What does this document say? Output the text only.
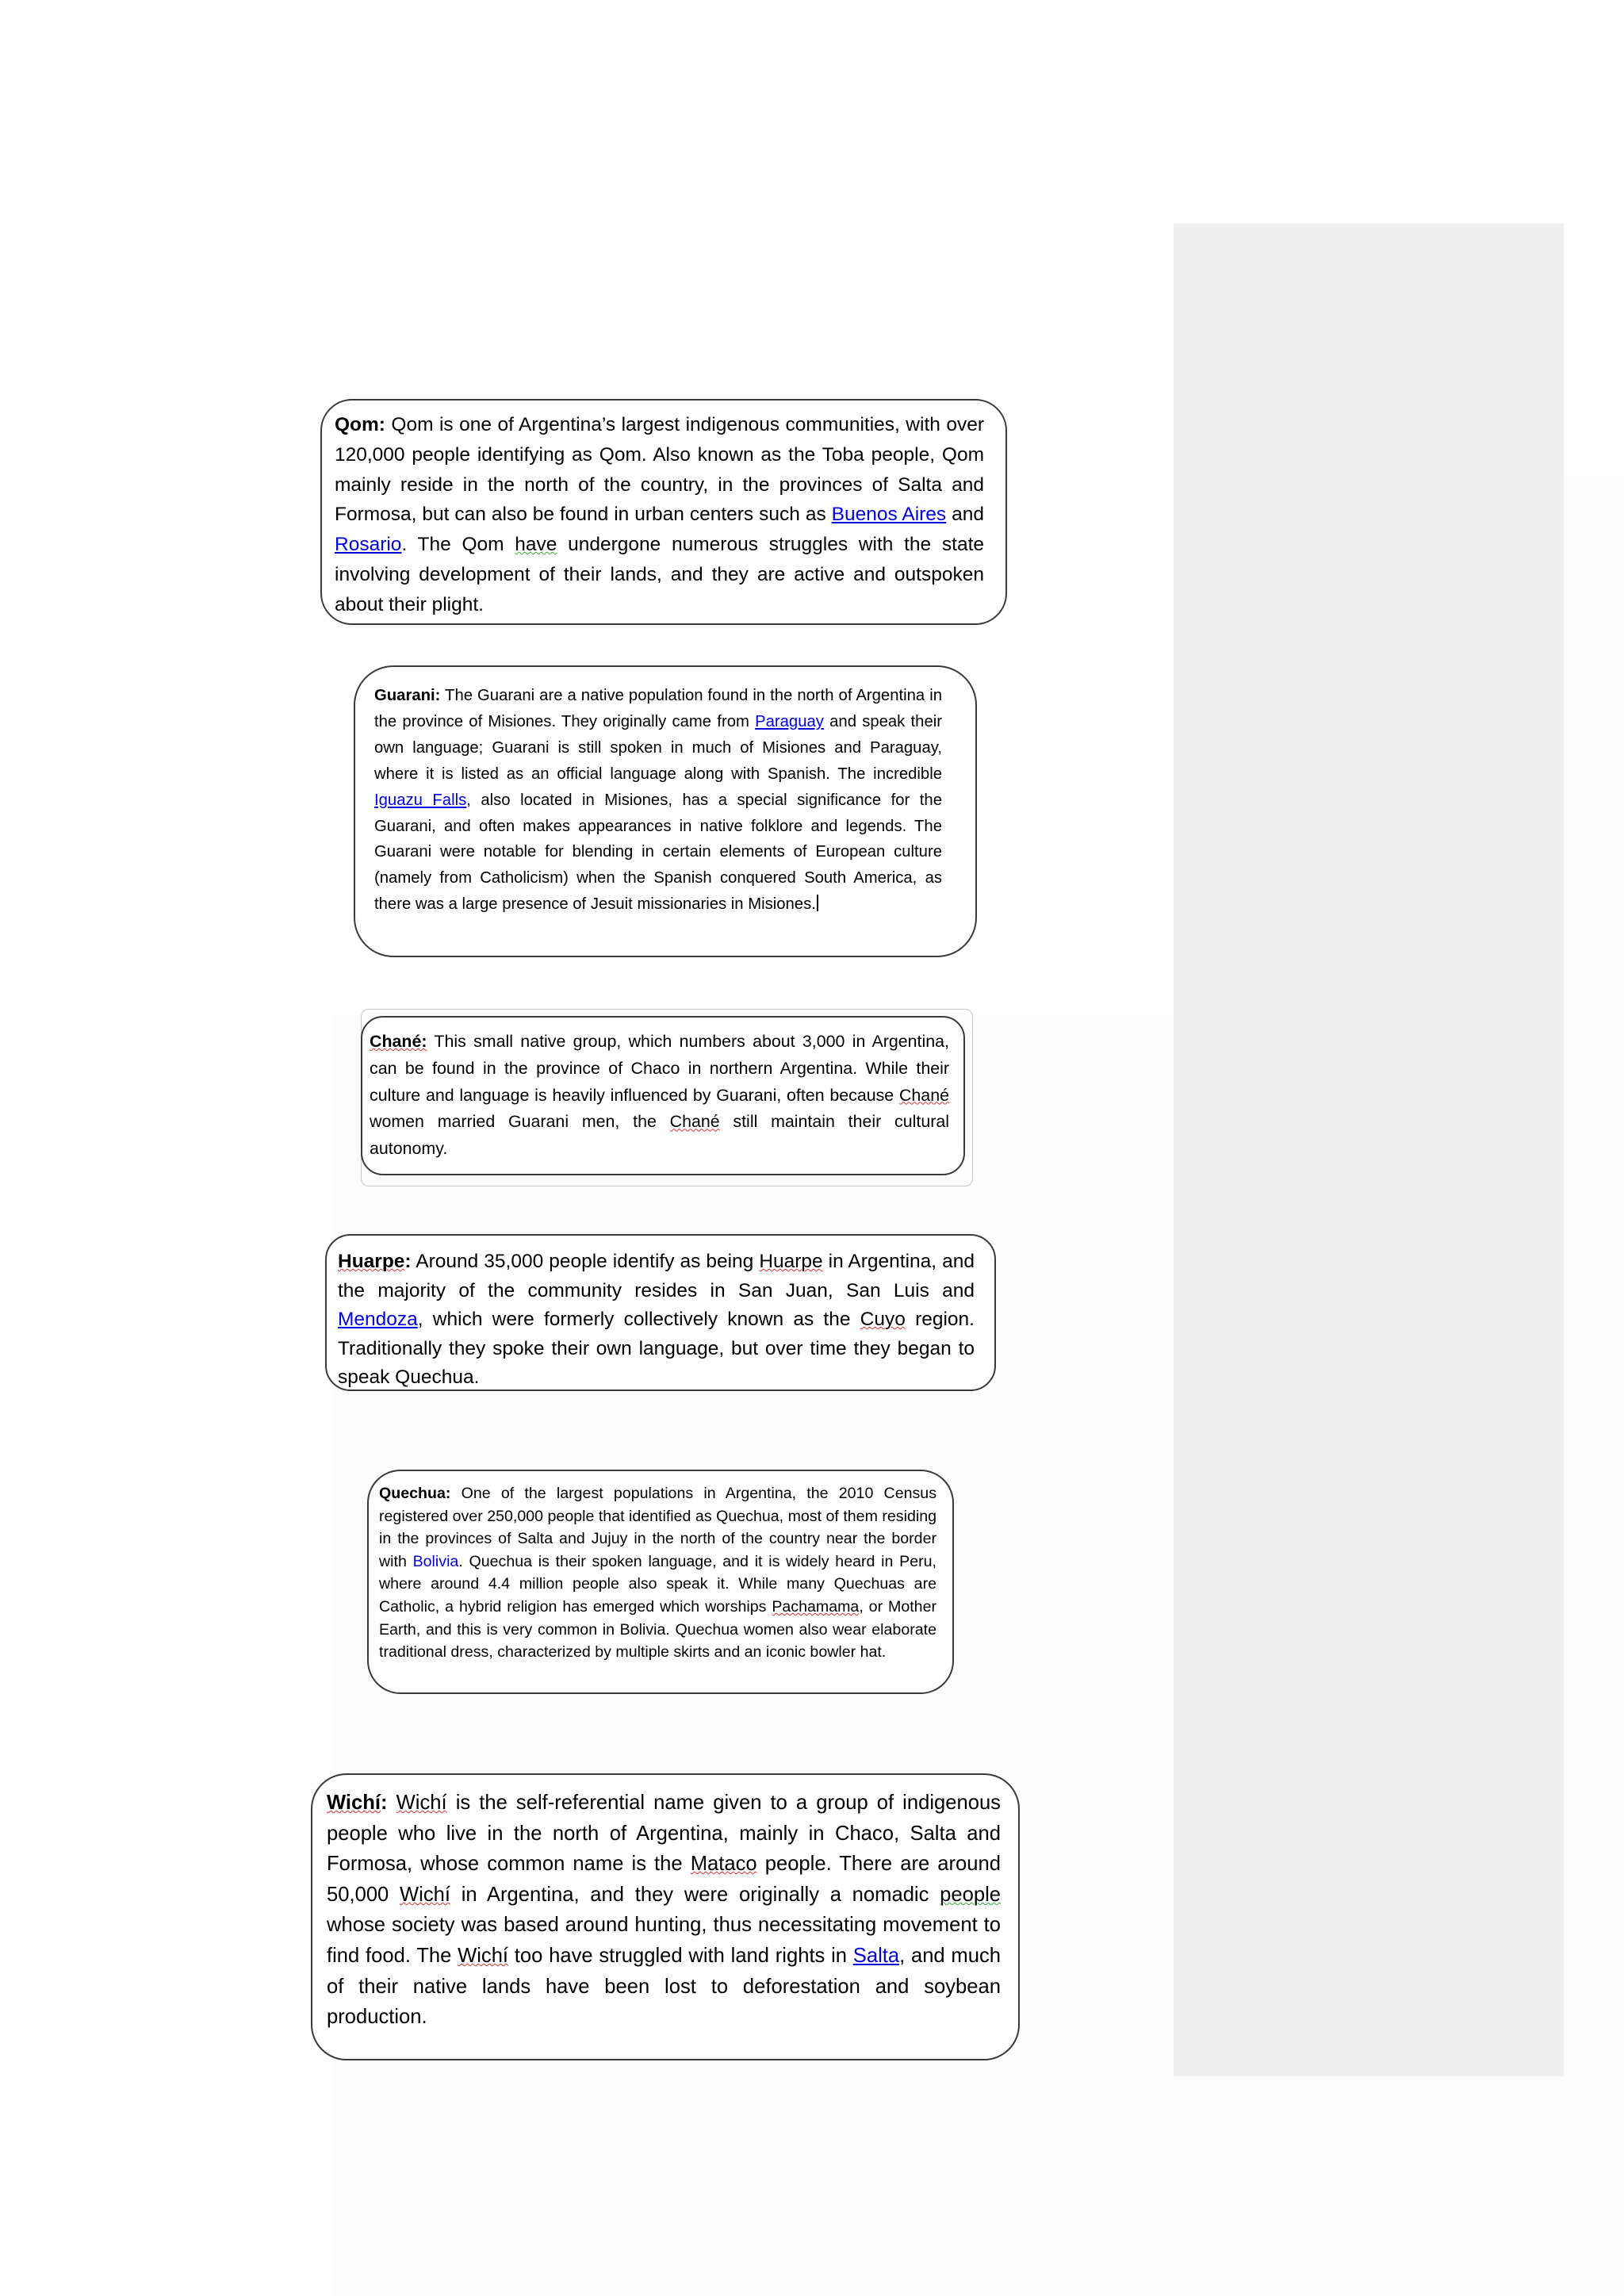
Qom: Qom is one of Argentina’s largest indigenous communities, with over 120,000 people identifying as Qom. Also known as the Toba people, Qom mainly reside in the north of the country, in the provinces of Salta and Formosa, but can also be found in urban centers such as Buenos Aires and Rosario. The Qom have undergone numerous struggles with the state involving development of their lands, and they are active and outspoken about their plight.
Guarani: The Guarani are a native population found in the north of Argentina in the province of Misiones. They originally came from Paraguay and speak their own language; Guarani is still spoken in much of Misiones and Paraguay, where it is listed as an official language along with Spanish. The incredible Iguazu Falls, also located in Misiones, has a special significance for the Guarani, and often makes appearances in native folklore and legends. The Guarani were notable for blending in certain elements of European culture (namely from Catholicism) when the Spanish conquered South America, as there was a large presence of Jesuit missionaries in Misiones.
Chané: This small native group, which numbers about 3,000 in Argentina, can be found in the province of Chaco in northern Argentina. While their culture and language is heavily influenced by Guarani, often because Chané women married Guarani men, the Chané still maintain their cultural autonomy.
Huarpe: Around 35,000 people identify as being Huarpe in Argentina, and the majority of the community resides in San Juan, San Luis and Mendoza, which were formerly collectively known as the Cuyo region. Traditionally they spoke their own language, but over time they began to speak Quechua.
Quechua: One of the largest populations in Argentina, the 2010 Census registered over 250,000 people that identified as Quechua, most of them residing in the provinces of Salta and Jujuy in the north of the country near the border with Bolivia. Quechua is their spoken language, and it is widely heard in Peru, where around 4.4 million people also speak it. While many Quechuas are Catholic, a hybrid religion has emerged which worships Pachamama, or Mother Earth, and this is very common in Bolivia. Quechua women also wear elaborate traditional dress, characterized by multiple skirts and an iconic bowler hat.
Wichí: Wichí is the self-referential name given to a group of indigenous people who live in the north of Argentina, mainly in Chaco, Salta and Formosa, whose common name is the Mataco people. There are around 50,000 Wichí in Argentina, and they were originally a nomadic people whose society was based around hunting, thus necessitating movement to find food. The Wichí too have struggled with land rights in Salta, and much of their native lands have been lost to deforestation and soybean production.
